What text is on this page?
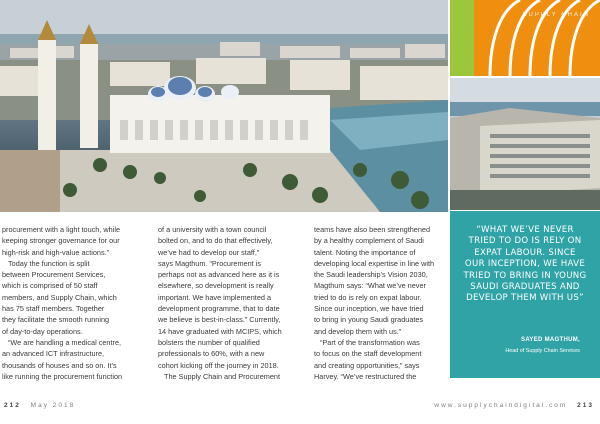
SUPPLY CHAIN

procurement with a light touch, while

keeping stronger governance for our

high-risk and high-value actions.”

Today the function is split

between Procurement Services,

which is comprised of 50 staff

members, and Supply Chain, which

has 75 staff members. Together

they facilitate the smooth running

of day-to-day operations.

“We are handling a medical centre,

an advanced ICT infrastructure,

thousands of houses and so on. It’s

like running the procurement function

of a university with a town council

bolted on, and to do that effectively,

we’ve had to develop our staff,”

says Magthum. “Procurement is

perhaps not as advanced here as it is

elsewhere, so development is really

important. We have implemented a

development programme, that to date

we believe is best-in-class.” Currently,

14 have graduated with MCIPS, which

bolsters the number of qualified

professionals to 60%, with a new

cohort kicking off the journey in 2018.

The Supply Chain and Procurement

teams have also been strengthened

by a healthy complement of Saudi

talent. Noting the importance of

developing local expertise in line with

the Saudi leadership’s Vision 2030,

Magthum says: “What we’ve never

tried to do is rely on expat labour.

Since our inception, we have tried

to bring in young Saudi graduates

and develop them with us.”

“Part of the transformation was

to focus on the staff development

and creating opportunities,” says

Harvey. “We’ve restructured the

“WHAT WE’VE NEVER

TRIED TO DO IS RELY ON

EXPAT LABOUR. SINCE

OUR INCEPTION, WE HAVE

TRIED TO BRING IN YOUNG

SAUDI GRADUATES AND

DEVELOP THEM WITH US”

SAYED MAGTHUM,
Head of Supply Chain Services
212 May 2018	www.supplychaindigital.com 213
